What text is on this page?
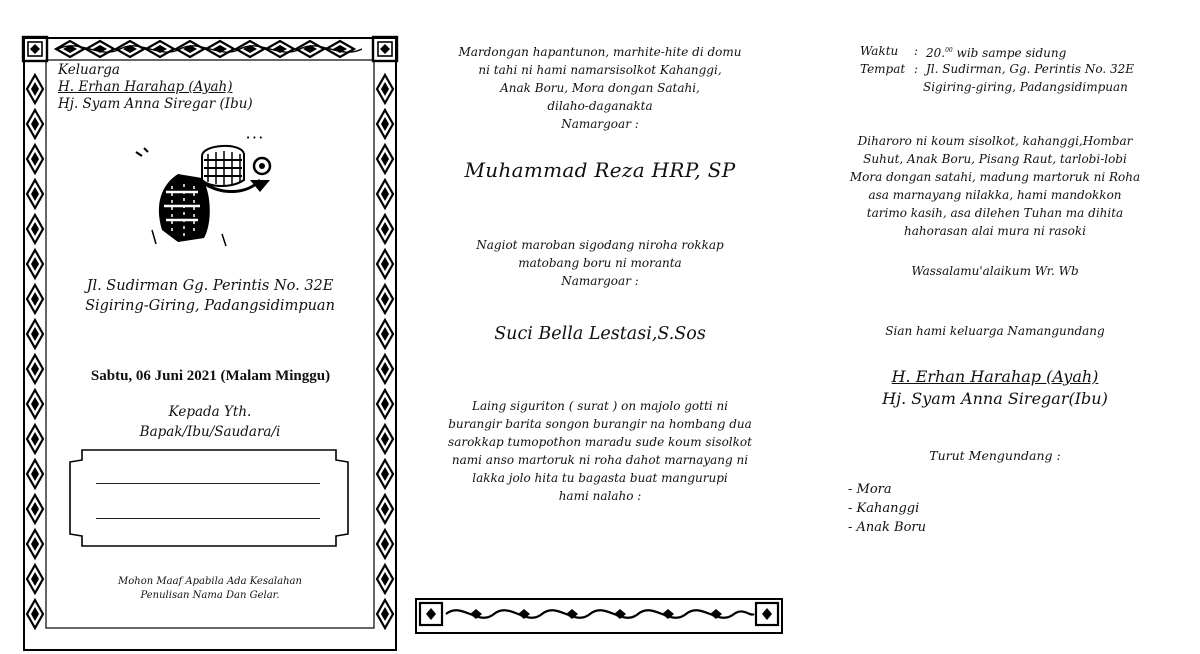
Keluarga
H. Erhan Harahap (Ayah)
Hj. Syam Anna Siregar (Ibu)
• • •
Jl. Sudirman Gg. Perintis No. 32E
Sigiring-Giring, Padangsidimpuan
Sabtu, 06 Juni 2021 (Malam Minggu)
Kepada Yth.
Bapak/Ibu/Saudara/i
Mohon Maaf Apabila Ada Kesalahan
Penulisan Nama Dan Gelar.
Mardongan hapantunon, marhite-hite di domu
ni tahi ni hami namarsisolkot Kahanggi,
Anak Boru, Mora dongan Satahi,
dilaho-daganakta
Namargoar :
Muhammad Reza HRP, SP
Nagiot maroban sigodang niroha rokkap
matobang boru ni moranta
Namargoar :
Suci Bella Lestasi,S.Sos
Laing siguriton ( surat ) on majolo gotti ni
burangir barita songon burangir na hombang dua
sarokkap tumopothon maradu sude koum sisolkot
nami anso martoruk ni roha dahot marnayang ni
lakka jolo hita tu bagasta buat mangurupi
hami nalaho :
Waktu : 20.00 wib sampe sidung
Tempat : Jl. Sudirman, Gg. Perintis No. 32E
Sigiring-giring, Padangsidimpuan
Diharoro ni koum sisolkot, kahanggi,Hombar
Suhut, Anak Boru, Pisang Raut, tarlobi-lobi
Mora dongan satahi, madung martoruk ni Roha
asa marnayang nilakka, hami mandokkon
tarimo kasih, asa dilehen Tuhan ma dihita
hahorasan alai mura ni rasoki
Wassalamu'alaikum Wr. Wb
Sian hami keluarga Namangundang
H. Erhan Harahap (Ayah)
Hj. Syam Anna Siregar(Ibu)
Turut Mengundang :
- Mora
- Kahanggi
- Anak Boru
